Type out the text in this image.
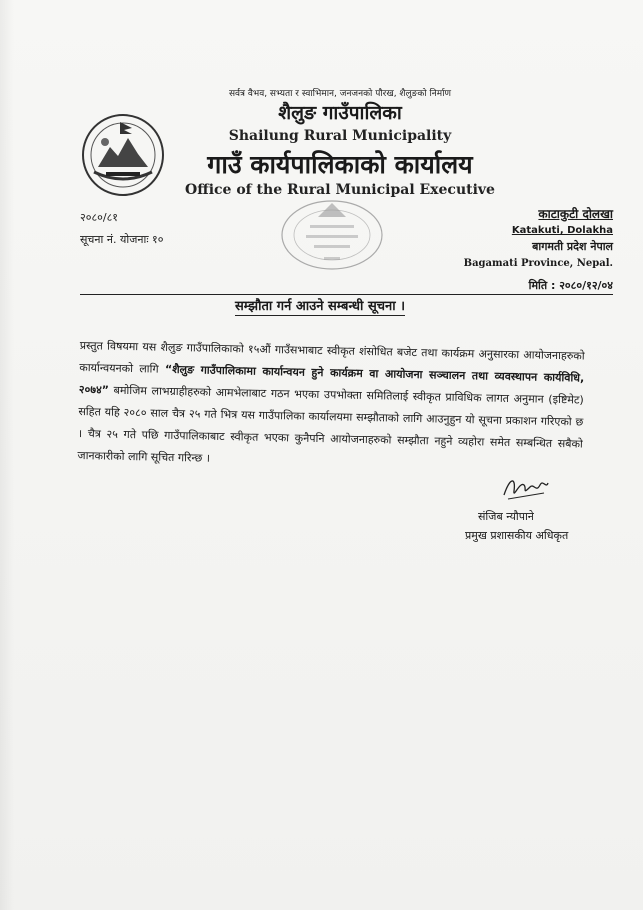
सर्वत्र वैभव, सभ्यता र स्वाभिमान, जनजनको पौरख, शैलुङको निर्माण
शैलुङ गाउँपालिका
Shailung Rural Municipality
गाउँ कार्यपालिकाको कार्यालय
Office of the Rural Municipal Executive
२०८०/८१
सूचना नं. योजनाः १०
काटाकुटी दोलखा
Katakuti, Dolakha
बागमती प्रदेश नेपाल
Bagamati Province, Nepal.
मिति : २०८०/१२/०४
सम्झौता गर्न आउने सम्बन्धी सूचना ।
प्रस्तुत विषयमा यस शैलुङ गाउँपालिकाको १५औं गाउँसभाबाट स्वीकृत शंसोधित बजेट तथा कार्यक्रम अनुसारका आयोजनाहरुको कार्यान्वयनको लागि “शैलुङ गाउँपालिकामा कार्यान्वयन हुने कार्यक्रम वा आयोजना सञ्चालन तथा व्यवस्थापन कार्यविधि, २०७४” बमोजिम लाभग्राहीहरुको आमभेलाबाट गठन भएका उपभोक्ता समितिलाई स्वीकृत प्राविधिक लागत अनुमान (इष्टिमेट) सहित यहि २०८० साल चैत्र २५ गते भित्र यस गाउँपालिका कार्यालयमा सम्झौताको लागि आउनुहुन यो सूचना प्रकाशन गरिएको छ । चैत्र २५ गते पछि गाउँपालिकाबाट स्वीकृत भएका कुनैपनि आयोजनाहरुको सम्झौता नहुने व्यहोरा समेत सम्बन्धित सबैको जानकारीको लागि सूचित गरिन्छ ।
संजिब न्यौपाने
प्रमुख प्रशासकीय अधिकृत
